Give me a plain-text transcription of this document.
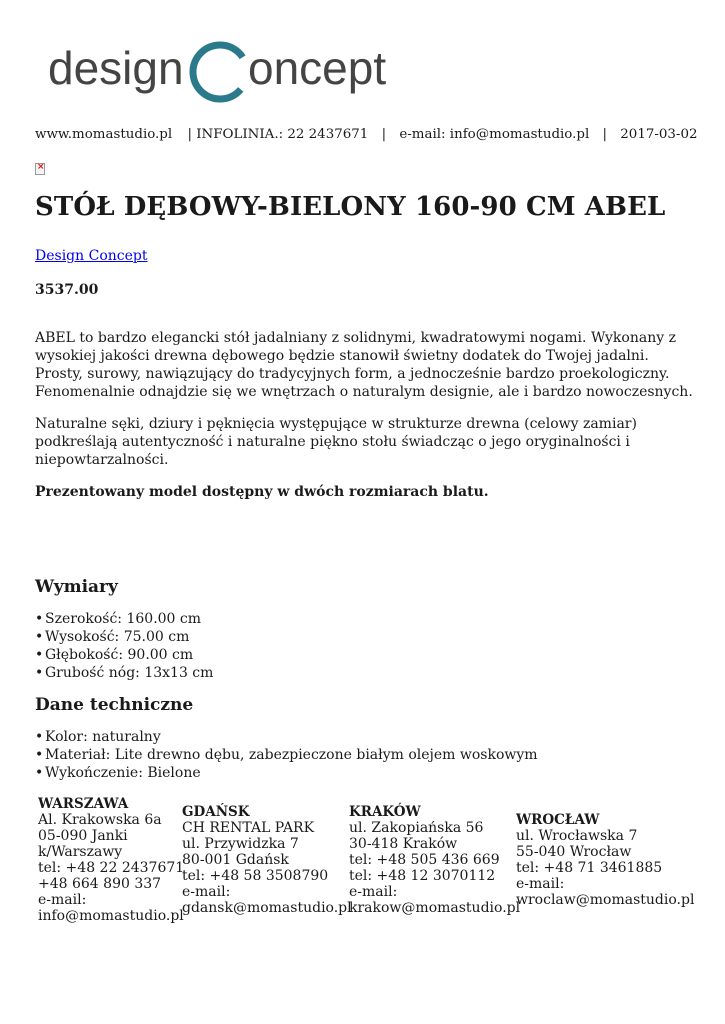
design oncept
www.momastudio.pl | INFOLINIA.: 22 2437671 | e-mail: info@momastudio.pl | 2017-03-02
×
STÓŁ DĘBOWY-BIELONY 160-90 CM ABEL
Design Concept
3537.00

ABEL to bardzo elegancki stół jadalniany z solidnymi, kwadratowymi nogami. Wykonany z wysokiej jakości drewna dębowego będzie stanowił świetny dodatek do Twojej jadalni. Prosty, surowy, nawiązujący do tradycyjnych form, a jednocześnie bardzo proekologiczny. Fenomenalnie odnajdzie się we wnętrzach o naturalym designie, ale i bardzo nowoczesnych.

Naturalne sęki, dziury i pęknięcia występujące w strukturze drewna (celowy zamiar) podkreślają autentyczność i naturalne piękno stołu świadcząc o jego oryginalności i niepowtarzalności.

Prezentowany model dostępny w dwóch rozmiarach blatu.

Wymiary
• Szerokość: 160.00 cm
• Wysokość: 75.00 cm
• Głębokość: 90.00 cm
• Grubość nóg: 13x13 cm
Dane techniczne
• Kolor: naturalny
• Materiał: Lite drewno dębu, zabezpieczone białym olejem woskowym
• Wykończenie: Bielone
WARSZAWA
Al. Krakowska 6a
05-090 Janki
k/Warszawy
tel: +48 22 2437671
+48 664 890 337
e-mail:
info@momastudio.pl
GDAŃSK
CH RENTAL PARK
ul. Przywidzka 7
80-001 Gdańsk
tel: +48 58 3508790
e-mail:
gdansk@momastudio.pl
KRAKÓW
ul. Zakopiańska 56
30-418 Kraków
tel: +48 505 436 669
tel: +48 12 3070112
e-mail:
krakow@momastudio.pl
WROCŁAW
ul. Wrocławska 7
55-040 Wrocław
tel: +48 71 3461885
e-mail:
wroclaw@momastudio.pl
